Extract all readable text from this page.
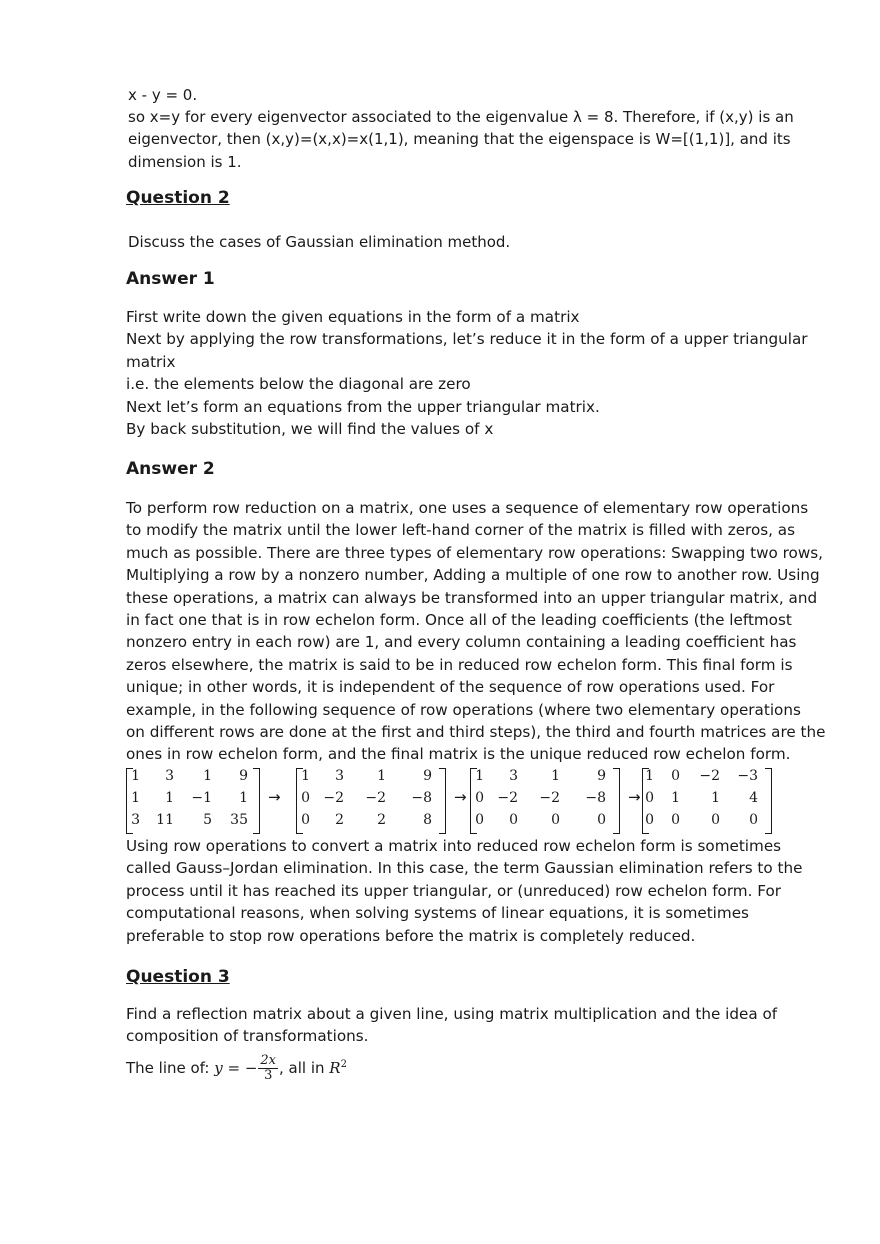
x - y = 0.
so x=y for every eigenvector associated to the eigenvalue λ = 8. Therefore, if (x,y) is an
eigenvector, then (x,y)=(x,x)=x(1,1), meaning that the eigenspace is W=[(1,1)], and its
dimension is 1.
Question 2
Discuss the cases of Gaussian elimination method.
Answer 1
First write down the given equations in the form of a matrix
Next by applying the row transformations, let’s reduce it in the form of a upper triangular
matrix
i.e. the elements below the diagonal are zero
Next let’s form an equations from the upper triangular matrix.
By back substitution, we will find the values of x
Answer 2
To perform row reduction on a matrix, one uses a sequence of elementary row operations
to modify the matrix until the lower left-hand corner of the matrix is filled with zeros, as
much as possible. There are three types of elementary row operations: Swapping two rows,
Multiplying a row by a nonzero number, Adding a multiple of one row to another row. Using
these operations, a matrix can always be transformed into an upper triangular matrix, and
in fact one that is in row echelon form. Once all of the leading coefficients (the leftmost
nonzero entry in each row) are 1, and every column containing a leading coefficient has
zeros elsewhere, the matrix is said to be in reduced row echelon form. This final form is
unique; in other words, it is independent of the sequence of row operations used. For
example, in the following sequence of row operations (where two elementary operations
on different rows are done at the first and third steps), the third and fourth matrices are the
ones in row echelon form, and the final matrix is the unique reduced row echelon form.
1 3 1 9
1 1 −1 1
3 11 5 35
→
1 3 1	9
0 −2 −2 −8
0 2 2	8
→
1 3 1	9
0 −2 −2 −8
0 0 0	0
→
1 0 −2 −3
0 1 1 4
0 0 0 0
Using row operations to convert a matrix into reduced row echelon form is sometimes
called Gauss–Jordan elimination. In this case, the term Gaussian elimination refers to the
process until it has reached its upper triangular, or (unreduced) row echelon form. For
computational reasons, when solving systems of linear equations, it is sometimes
preferable to stop row operations before the matrix is completely reduced.
Question 3
Find a reflection matrix about a given line, using matrix multiplication and the idea of
composition of transformations.
The line of: y = − $\frac{2x}{3}$ , all in $R^2$
